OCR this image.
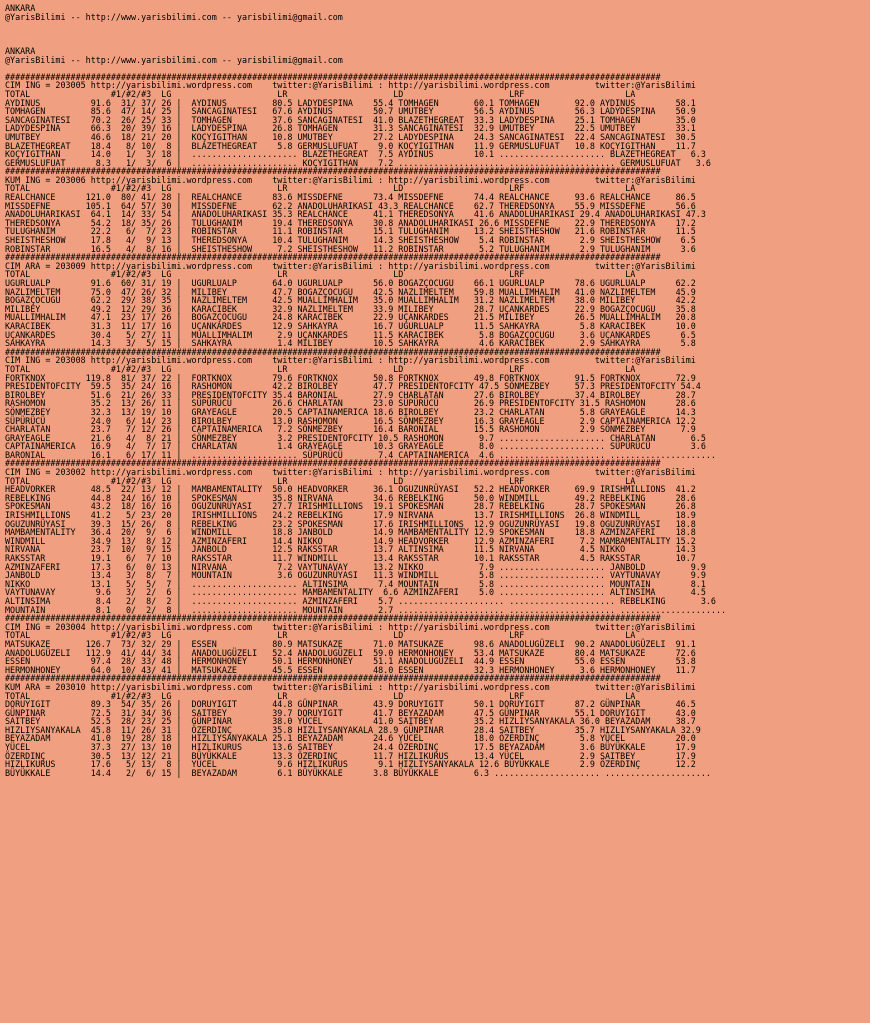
ANKARA
@YarisBilimi -- http://www.yarisbilimi.com -- yarisbilimi@gmail.com
ANKARA
@YarisBilimi -- http://www.yarisbilimi.com -- yarisbilimi@gmail.com
##################################################################################################################################
CIM ING = 203005 http://yarisbilimi.wordpress.com    twitter:@YarisBilimi : http://yarisbilimi.wordpress.com         twitter:@YarisBilimi
TOTAL                #1/#2/#3  LG                     LR                     LD                     LRF                    LA
AYDINUS          91.6  31/ 37/ 26 |  AYDINUS         80.5 LADYDESPINA    55.4 TOMHAGEN       60.1 TOMHAGEN       92.0 AYDINUS        58.1
TOMHAGEN         85.6  47/ 14/ 25 |  SANCAGINATESI   67.6 AYDINUS        50.7 UMUTBEY        56.5 AYDINUS        56.3 LADYDESPINA    50.9
SANCAGINATESI    70.2  26/ 25/ 33 |  TOMHAGEN        37.6 SANCAGINATESI  41.0 BLAZETHEGREAT  33.3 LADYDESPINA    25.1 TOMHAGEN       35.0
LADYDESPINA      66.3  20/ 39/ 16 |  LADYDESPINA     26.8 TOMHAGEN       31.3 SANCAGINATESI  32.9 UMUTBEY        22.5 UMUTBEY        33.1
UMUTBEY          46.6  18/ 21/ 20 |  KOÇYIGITHAN     10.8 UMUTBEY        27.2 LADYDESPINA    24.3 SANCAGINATESI  22.4 SANCAGINATESI  30.5
BLAZETHEGREAT    18.4   8/ 10/  8 |  BLAZETHEGREAT    5.8 GERMUSLUFUAT    9.0 KOÇYIGITHAN    11.9 GERMUSLUFUAT   10.8 KOÇYIGITHAN    11.7
KOÇYIGITHAN      14.0   1/  3/ 18 |  ..................... BLAZETHEGREAT  7.5 AYDINUS        10.1 ..................... BLAZETHEGREAT   6.3
GERMUSLUFUAT      8.3   1/  3/  6 |  ..................... KOÇYIGITHAN    7.2 ..................... ..................... GERMUSLUFUAT   3.6
##################################################################################################################################
KUM ING = 203006 http://yarisbilimi.wordpress.com    twitter:@YarisBilimi : http://yarisbilimi.wordpress.com         twitter:@YarisBilimi
TOTAL                #1/#2/#3  LG                     LR                     LD                     LRF                    LA
REALCHANCE      121.0  80/ 41/ 28 |  REALCHANCE      83.6 MISSDEFNE      73.4 MISSDEFNE      74.4 REALCHANCE     93.6 REALCHANCE     86.5
MISSDEFNE       105.1  64/ 57/ 30 |  MISSDEFNE       62.2 ANADOLUHARIKASI 43.3 REALCHANCE    62.7 THEREDSONYA    55.9 MISSDEFNE      56.6
ANADOLUHARIKASI  64.1  14/ 33/ 54 |  ANADOLUHARIKASI 35.3 REALCHANCE     41.1 THEREDSONYA    41.6 ANADOLUHARIKASI 29.4 ANADOLUHARIKASI 47.3
THEREDSONYA      54.2  18/ 35/ 26 |  TULUGHANIM      19.4 THEREDSONYA    30.8 ANADOLUHARIKASI 26.6 MISSDEFNE     22.9 THEREDSONYA    17.2
TULUGHANIM       22.2   6/  7/ 23 |  ROBINSTAR       11.1 ROBINSTAR      15.1 TULUGHANIM     13.2 SHEISTHESHOW   21.6 ROBINSTAR      11.5
SHEISTHESHOW     17.8   4/  9/ 13 |  THEREDSONYA     10.4 TULUGHANIM     14.3 SHEISTHESHOW    5.4 ROBINSTAR       2.9 SHEISTHESHOW    6.5
ROBINSTAR        16.5   4/  8/ 16 |  SHEISTHESHOW     7.2 SHEISTHESHOW   11.2 ROBINSTAR       5.2 TULUGHANIM      2.9 TULUGHANIM      3.6
##################################################################################################################################
CIM ARA = 203009 http://yarisbilimi.wordpress.com    twitter:@YarisBilimi : http://yarisbilimi.wordpress.com         twitter:@YarisBilimi
TOTAL                #1/#2/#3  LG                     LR                     LD                     LRF                    LA
UGURLUALP        91.6  60/ 31/ 19 |  UGURLUALP       64.0 UGURLUALP      56.0 BOGAZÇOCUGU    66.1 UGURLUALP      78.6 UGURLUALP      62.2
NAZLIMELTEM      75.0  47/ 26/ 32 |  MILIBEY         47.7 BOGAZÇOCUGU    42.5 NAZLIMELTEM    59.8 MUALLIMHALIM   41.0 NAZLIMELTEM    45.9
BOGAZÇOCUGU      62.2  29/ 38/ 35 |  NAZLIMELTEM     42.5 MUALLIMHALIM   35.0 MUALLIMHALIM   31.2 NAZLIMELTEM    38.0 MILIBEY        42.2
MILIBEY          49.2  12/ 29/ 36 |  KARACIBEK       32.9 NAZLIMELTEM    33.9 MILIBEY        28.7 UÇANKARDES     22.9 BOGAZÇOCUGU    35.8
MUALLIMHALIM     47.1  23/ 17/ 26 |  BOGAZÇOCUGU     24.8 KARACIBEK      22.9 UÇANKARDES     21.5 MILIBEY        26.5 MUALLIMHALIM   20.8
KARACIBEK        31.3  11/ 17/ 16 |  UÇANKARDES      12.9 SAHKAYRA       16.7 UGURLUALP      11.5 SAHKAYRA        5.8 KARACIBEK      10.0
UÇANKARDES       30.4   5/ 27/ 11 |  MUALLIMHALIM     2.9 UÇANKARDES     11.5 KARACIBEK       5.8 BOGAZÇOCUGU     3.6 UÇANKARDES      6.5
SAHKAYRA         14.3   3/  5/ 15 |  SAHKAYRA         1.4 MILIBEY        10.5 SAHKAYRA        4.6 KARACIBEK       2.9 SAHKAYRA        5.8
##################################################################################################################################
CIM ING = 203008 http://yarisbilimi.wordpress.com    twitter:@YarisBilimi : http://yarisbilimi.wordpress.com         twitter:@YarisBilimi
TOTAL                #1/#2/#3  LG                     LR                     LD                     LRF                    LA
FORTKNOX        119.8  81/ 37/ 22 |  FORTKNOX        79.6 FORTKNOX       50.8 FORTKNOX       49.8 FORTKNOX       91.5 FORTKNOX       72.9
PRESIDENTOFCITY  59.5  35/ 24/ 16 |  RASHOMON        42.2 BIROLBEY       47.7 PRESIDENTOFCITY 47.5 SÖNMEZBEY     57.3 PRESIDENTOFCITY 54.4
BIROLBEY         51.6  21/ 26/ 33 |  PRESIDENTOFCITY 35.4 BARONIAL       27.9 CHARLATAN      27.6 BIROLBEY       37.4 BIROLBEY       28.7
RASHOMON         35.2  13/ 26/ 11 |  SÜPÜRÜCÜ        26.6 CHARLATAN      23.0 SÜPÜRÜCÜ       26.9 PRESIDENTOFCITY 31.5 RASHOMON      28.6
SÖNMEZBEY        32.3  13/ 19/ 10 |  GRAYEAGLE       20.5 CAPTAINAMERICA 18.6 BIROLBEY       23.2 CHARLATAN       5.8 GRAYEAGLE      14.3
SÜPÜRÜCÜ         24.0   6/ 14/ 23 |  BIROLBEY        13.0 RASHOMON       16.5 SÖNMEZBEY      16.3 GRAYEAGLE       2.9 CAPTAINAMERICA 12.2
CHARLATAN        23.7   7/ 12/ 26 |  CAPTAINAMERICA   7.2 SÖNMEZBEY      16.4 BARONIAL       15.5 RASHOMON        2.9 SÖNMEZBEY       7.9
GRAYEAGLE        21.6   4/  8/ 21 |  SÖNMEZBEY        3.2 PRESIDENTOFCITY 10.5 RASHOMON       9.7 ..................... CHARLATAN       6.5
CAPTAINAMERICA   16.9   4/  7/ 17 |  CHARLATAN        1.4 GRAYEAGLE      10.3 GRAYEAGLE       8.0 ..................... SÜPÜRÜCÜ        3.6
BARONIAL         16.1   6/ 17/ 11 |  ..................... SÜPÜRÜCÜ       7.4 CAPTAINAMERICA  4.6 ..................... .....................
##################################################################################################################################
CIM ING = 203002 http://yarisbilimi.wordpress.com    twitter:@YarisBilimi : http://yarisbilimi.wordpress.com         twitter:@YarisBilimi
TOTAL                #1/#2/#3  LG                     LR                     LD                     LRF                    LA
HEADVORKER       48.5  22/ 13/ 12 |  MAMBAMENTALITY  50.0 HEADVORKER     36.1 OGUZUNRÜYASI   52.2 HEADVORKER     69.9 IRISHMILLIONS  41.2
REBELKING        44.8  24/ 16/ 10 |  SPOKESMAN       35.8 NIRVANA        34.6 REBELKING      50.0 WINDMILL       49.2 REBELKING      28.6
SPOKESMAN        43.2  18/ 16/ 16 |  OGUZUNRÜYASI    27.7 IRISHMILLIONS  19.1 SPOKESMAN      28.7 REBELKING      28.7 SPOKESMAN      26.8
IRISHMILLIONS    41.2   5/ 23/ 20 |  IRISHMILLIONS   24.2 REBELKING      17.9 NIRVANA        13.7 IRISHMILLIONS  26.8 WINDMILL       18.9
OGUZUNRÜYASI     39.3  15/ 26/  8 |  REBELKING       23.2 SPOKESMAN      17.6 IRISHMILLIONS  12.9 OGUZUNRÜYASI   19.8 OGUZUNRÜYASI   18.8
MAMBAMENTALITY   36.4  20/  9/  6 |  WINDMILL        18.8 JANBOLD        14.9 MAMBAMENTALITY 12.9 SPOKESMAN      18.8 AZMINZAFERI    18.8
WINDMILL         34.9  13/  8/ 12 |  AZMINZAFERI     14.4 NIKKO          14.9 HEADVORKER     12.9 AZMINZAFERI     7.2 MAMBAMENTALITY 15.2
NIRVANA          23.7  10/  9/ 15 |  JANBOLD         12.5 RAKSSTAR       13.7 ALTINSIMA      11.5 NIRVANA         4.5 NIKKO          14.3
RAKSSTAR         19.1   6/  7/ 10 |  RAKSSTAR        11.7 WINDMILL       13.4 RAKSSTAR       10.1 RAKSSTAR        4.5 RAKSSTAR       10.7
AZMINZAFERI      17.3   6/  0/ 13 |  NIRVANA          7.2 VAYTUNAVAY     13.2 NIKKO           7.9 ..................... JANBOLD         9.9
JANBOLD          13.4   3/  8/  7 |  MOUNTAIN         3.6 OGUZUNRÜYASI   11.3 WINDMILL        5.8 ..................... VAYTUNAVAY      9.9
NIKKO            13.1   5/  5/  7 |  ..................... ALTINSIMA      7.4 MOUNTAIN        5.8 ..................... MOUNTAIN        8.1
VAYTUNAVAY        9.6   3/  2/  6 |  ..................... MAMBAMENTALITY  6.6 AZMINZAFERI    5.0 ..................... ALTINSIMA       4.5
ALTINSIMA         8.4   2/  8/  2 |  ..................... AZMINZAFERI    5.7 ..................... ..................... REBELKING       3.6
MOUNTAIN          8.1   0/  2/  8 |  ..................... MOUNTAIN       2.7 ..................... ..................... .....................
##################################################################################################################################
CIM ING = 203004 http://yarisbilimi.wordpress.com    twitter:@YarisBilimi : http://yarisbilimi.wordpress.com         twitter:@YarisBilimi
TOTAL                #1/#2/#3  LG                     LR                     LD                     LRF                    LA
MATSUKAZE       126.7  73/ 32/ 29 |  ESSEN           80.9 MATSUKAZE      71.0 MATSUKAZE      98.6 ANADOLUGÜZELI  90.2 ANADOLUGÜZELI  91.1
ANADOLUGÜZELI   112.9  41/ 44/ 34 |  ANADOLUGÜZELI   52.4 ANADOLUGÜZELI  59.0 HERMONHONEY    53.4 MATSUKAZE      80.4 MATSUKAZE      72.6
ESSEN            97.4  28/ 33/ 48 |  HERMONHONEY     50.1 HERMONHONEY    51.1 ANADOLUGÜZELI  44.9 ESSEN          55.0 ESSEN          53.8
HERMONHONEY      64.0  10/ 43/ 41 |  MATSUKAZE       45.5 ESSEN          48.0 ESSEN          32.3 HERMONHONEY     3.6 HERMONHONEY    11.7
##################################################################################################################################
KUM ARA = 203010 http://yarisbilimi.wordpress.com    twitter:@YarisBilimi : http://yarisbilimi.wordpress.com         twitter:@YarisBilimi
TOTAL                #1/#2/#3  LG                     LR                     LD                     LRF                    LA
DORUYIGIT        89.3  54/ 35/ 26 |  DORUYIGIT       44.8 GÜNPINAR       43.9 DORUYIGIT      50.1 DORUYIGIT      87.2 GÜNPINAR       46.5
GÜNPINAR         72.5  31/ 34/ 36 |  SAITBEY         39.7 DORUYIGIT      41.7 BEYAZADAM      47.5 GÜNPINAR       55.1 DORUYIGIT      43.0
SAITBEY          52.5  28/ 23/ 25 |  GÜNPINAR        38.0 YÜCEL          41.0 SAITBEY        35.2 HIZLIYSANYAKALA 36.0 BEYAZADAM     38.7
HIZLIYSANYAKALA  45.8  11/ 26/ 31 |  ÖZERDINÇ        35.8 HIZLIYSANYAKALA 28.9 GÜNPINAR      28.4 SAITBEY        35.7 HIZLIYSANYAKALA 32.9
BEYAZADAM        41.0  19/ 28/ 18 |  HIZLIYSANYAKALA 25.1 BEYAZADAM      24.6 YÜCEL          18.0 ÖZERDINÇ        5.8 YÜCEL          20.0
YÜCEL            37.3  27/ 13/ 10 |  HIZLIKURUS      13.6 SAITBEY        24.4 ÖZERDINÇ       17.5 BEYAZADAM       3.6 BÜYÜKKALE      17.9
ÖZERDINÇ         30.5  13/ 12/ 21 |  BÜYÜKKALE       13.3 ÖZERDINÇ       11.7 HIZLIKURUS     13.4 YÜCEL           2.9 SAITBEY        17.9
HIZLIKURUS       17.6   5/ 13/  8 |  YÜCEL            9.6 HIZLIKURUS      9.1 HIZLIYSANYAKALA 12.6 BÜYÜKKALE      2.9 ÖZERDINÇ       12.2
BÜYÜKKALE        14.4   2/  6/ 15 |  BEYAZADAM        6.1 BÜYÜKKALE      3.8 BÜYÜKKALE       6.3 ..................... .....................
